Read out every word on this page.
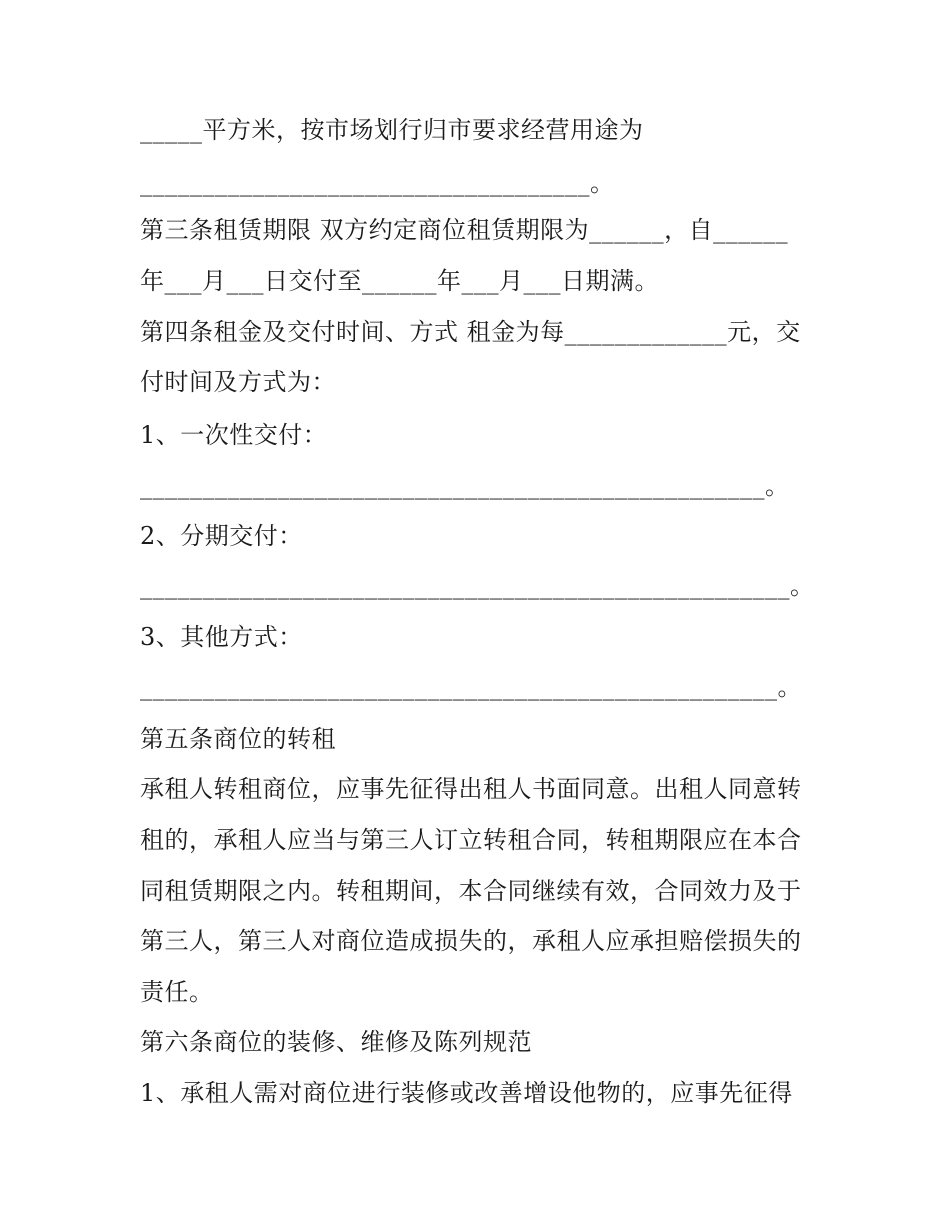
_____平方米，按市场划行归市要求经营用途为
____________________________________。
第三条租赁期限 双方约定商位租赁期限为______，自______
年___月___日交付至______年___月___日期满。
第四条租金及交付时间、方式 租金为每_____________元，交
付时间及方式为：
1、一次性交付：
__________________________________________________。
2、分期交付：
____________________________________________________。
3、其他方式：
___________________________________________________。
第五条商位的转租
承租人转租商位，应事先征得出租人书面同意。出租人同意转
租的，承租人应当与第三人订立转租合同，转租期限应在本合
同租赁期限之内。转租期间，本合同继续有效，合同效力及于
第三人，第三人对商位造成损失的，承租人应承担赔偿损失的
责任。
第六条商位的装修、维修及陈列规范
1、承租人需对商位进行装修或改善增设他物的，应事先征得
